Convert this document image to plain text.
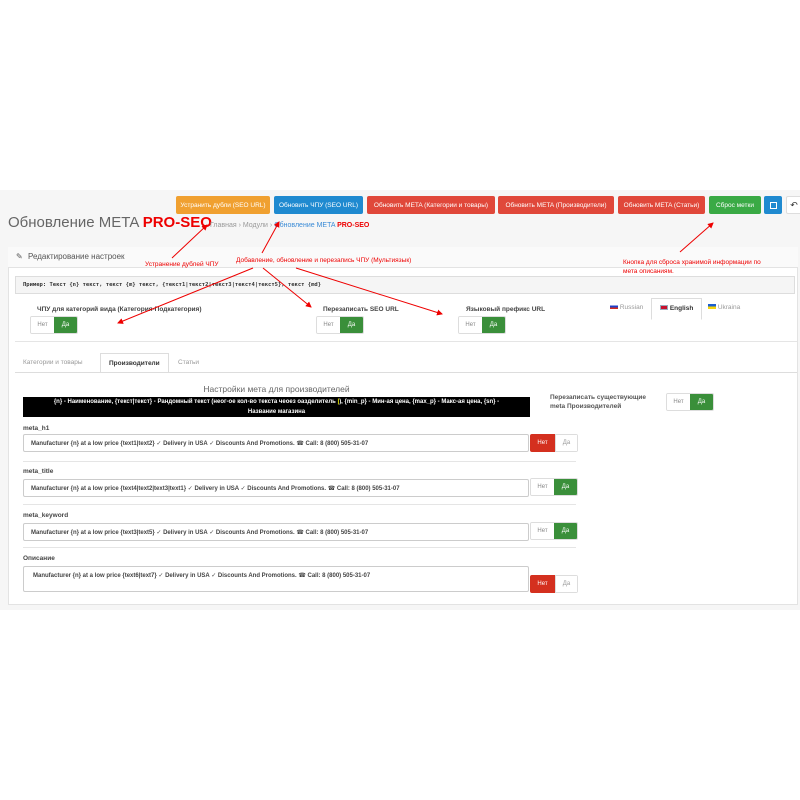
Устранить дубли (SEO URL)	Обновить ЧПУ (SEO URL)	Обновить META (Категории и товары)	Обновить META (Производители)	Обновить META (Статьи)	Сброс метки	↶
Обновление META PRO-SEO
Главная › Модули › Обновление META PRO-SEO
✎ Редактирование настроек
Пример: Текст {n} текст, текст {m} текст, {текст1|текст2|текст3|текст4|текст5}, текст {md}
ЧПУ для категорий вида (Категория-Подкатегория)
Нет	Да
Перезаписать SEO URL
Нет	Да
Языковый префикс URL
Нет	Да
Russian	English	Ukraina
Категории и товары	Производители	Статьи
Настройки мета для производителей
{n} - Наименование, {текст|текст} - Рандомный текст (неог-ое кол-во текста чеоез оазделитель |), {min_p} - Мин-ая цена, {max_p} - Макс-ая цена, {sn} -
Название магазина
Перезаписать существующие meta Производителей
Нет	Да
meta_h1
Manufacturer {n} at a low price {text1|text2} ✓ Delivery in USA ✓ Discounts And Promotions. ☎ Call: 8 (800) 505-31-07	Нет	Да
meta_title
Manufacturer {n} at a low price {text4|text2|text3|text1} ✓ Delivery in USA ✓ Discounts And Promotions. ☎ Call: 8 (800) 505-31-07	Нет	Да
meta_keyword
Manufacturer {n} at a low price {text3|text5} ✓ Delivery in USA ✓ Discounts And Promotions. ☎ Call: 8 (800) 505-31-07	Нет	Да
Описание
Manufacturer {n} at a low price {text6|text7} ✓ Delivery in USA ✓ Discounts And Promotions. ☎ Call: 8 (800) 505-31-07
Нет	Да
Устранение дублей ЧПУ
Добавление, обновление и перезапись ЧПУ (Мультиязык)	Кнопка для сброса хранимой информации по
мета описаниям.
